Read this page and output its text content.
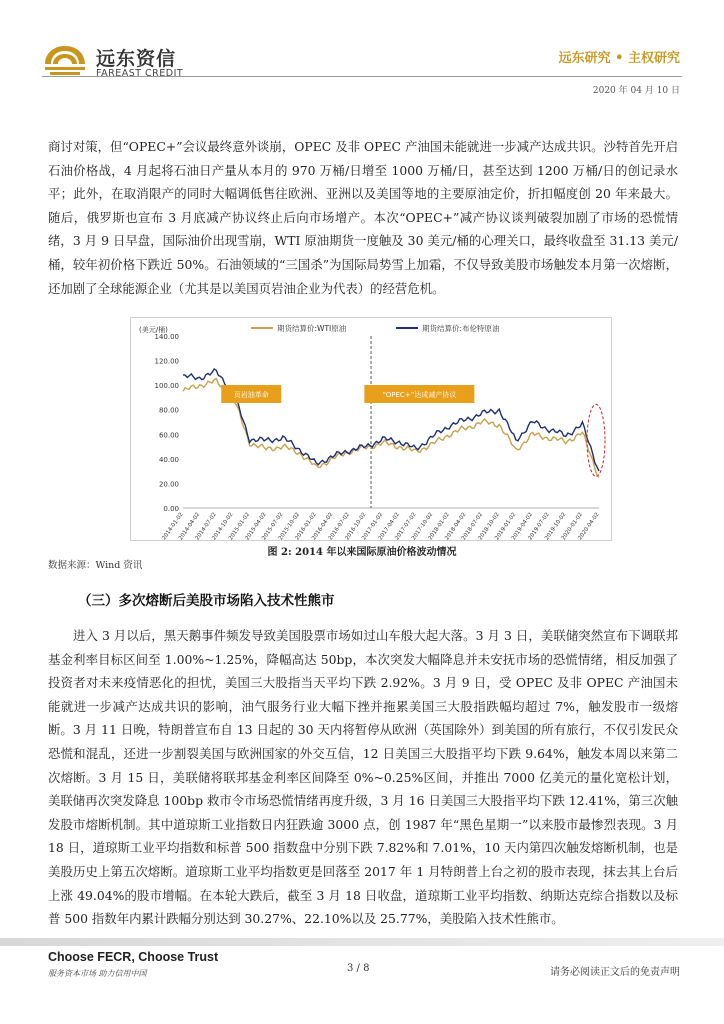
远东资信
FAREAST CREDIT
远东研究 • 主权研究
2020 年 04 月 10 日

商讨对策，但“OPEC+”会议最终意外谈崩，OPEC 及非 OPEC 产油国未能就进一步减产达成共识。沙特首先开启石油价格战，4 月起将石油日产量从本月的 970 万桶/日增至 1000 万桶/日，甚至达到 1200 万桶/日的创记录水平；此外，在取消限产的同时大幅调低售往欧洲、亚洲以及美国等地的主要原油定价，折扣幅度创 20 年来最大。随后，俄罗斯也宣布 3 月底减产协议终止后向市场增产。本次“OPEC+”减产协议谈判破裂加剧了市场的恐慌情绪，3 月 9 日早盘，国际油价出现雪崩，WTI 原油期货一度触及 30 美元/桶的心理关口，最终收盘至 31.13 美元/桶，较年初价格下跌近 50%。石油领域的“三国杀”为国际局势雪上加霜，不仅导致美股市场触发本月第一次熔断，还加剧了全球能源企业（尤其是以美国页岩油企业为代表）的经营危机。

(美元/桶)
0.00
20.00
40.00
60.00
80.00
100.00
120.00
140.00
2014-01-02
2014-04-02
2014-07-02
2014-10-02
2015-01-02
2015-04-02
2015-07-02
2015-10-02
2016-01-02
2016-04-02
2016-07-02
2016-10-02
2017-01-02
2017-04-02
2017-07-02
2017-10-02
2018-01-02
2018-04-02
2018-07-02
2018-10-02
2019-01-02
2019-04-02
2019-07-02
2019-10-02
2020-01-02
2020-04-02
期货结算价:WTI原油	期货结算价:布伦特原油
页岩油革命	“OPEC+”达成减产协议
图 2: 2014 年以来国际原油价格波动情况
数据来源：Wind 资讯
（三）多次熔断后美股市场陷入技术性熊市

进入 3 月以后，黑天鹅事件频发导致美国股票市场如过山车般大起大落。3 月 3 日，美联储突然宣布下调联邦基金利率目标区间至 1.00%~1.25%，降幅高达 50bp，本次突发大幅降息并未安抚市场的恐慌情绪，相反加强了投资者对未来疫情恶化的担忧，美国三大股指当天平均下跌 2.92%。3 月 9 日，受 OPEC 及非 OPEC 产油国未能就进一步减产达成共识的影响，油气服务行业大幅下挫并拖累美国三大股指跌幅均超过 7%，触发股市一级熔断。3 月 11 日晚，特朗普宣布自 13 日起的 30 天内将暂停从欧洲（英国除外）到美国的所有旅行，不仅引发民众恐慌和混乱，还进一步割裂美国与欧洲国家的外交互信，12 日美国三大股指平均下跌 9.64%，触发本周以来第二次熔断。3 月 15 日，美联储将联邦基金利率区间降至 0%~0.25%区间，并推出 7000 亿美元的量化宽松计划，美联储再次突发降息 100bp 救市令市场恐慌情绪再度升级，3 月 16 日美国三大股指平均下跌 12.41%，第三次触发股市熔断机制。其中道琼斯工业指数日内狂跌逾 3000 点，创 1987 年“黑色星期一”以来股市最惨烈表现。3 月 18 日，道琼斯工业平均指数和标普 500 指数盘中分别下跌 7.82%和 7.01%，10 天内第四次触发熔断机制，也是美股历史上第五次熔断。道琼斯工业平均指数更是回落至 2017 年 1 月特朗普上台之初的股市表现，抹去其上台后上涨 49.04%的股市增幅。在本轮大跌后，截至 3 月 18 日收盘，道琼斯工业平均指数、纳斯达克综合指数以及标普 500 指数年内累计跌幅分别达到 30.27%、22.10%以及 25.77%，美股陷入技术性熊市。

Choose FECR, Choose Trust
服务资本市场 助力信用中国	3 / 8	请务必阅读正文后的免责声明
